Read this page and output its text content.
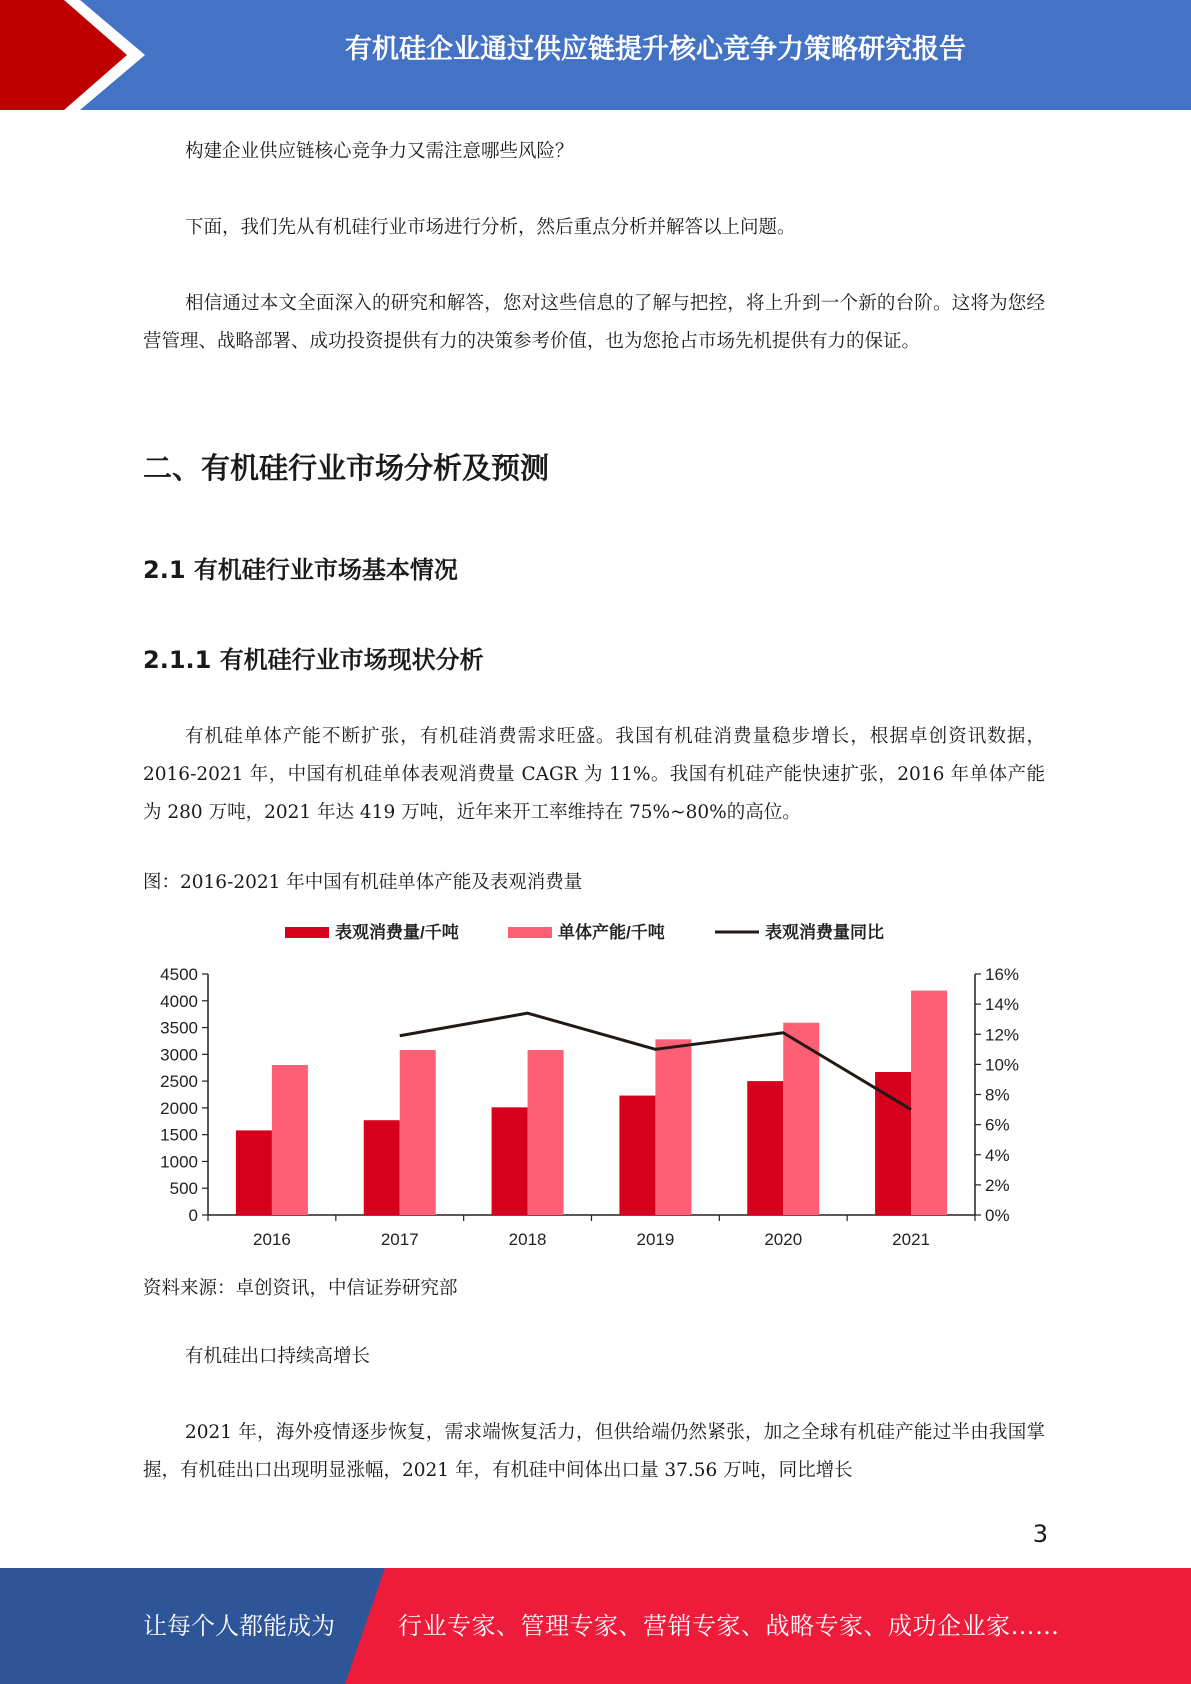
有机硅企业通过供应链提升核心竞争力策略研究报告

构建企业供应链核心竞争力又需注意哪些风险？

下面，我们先从有机硅行业市场进行分析，然后重点分析并解答以上问题。

相信通过本文全面深入的研究和解答，您对这些信息的了解与把控，将上升到一个新的台阶。这将为您经营管理、战略部署、成功投资提供有力的决策参考价值，也为您抢占市场先机提供有力的保证。

二、有机硅行业市场分析及预测
2.1 有机硅行业市场基本情况
2.1.1 有机硅行业市场现状分析

有机硅单体产能不断扩张，有机硅消费需求旺盛。我国有机硅消费量稳步增长，根据卓创资讯数据，2016-2021 年，中国有机硅单体表观消费量 CAGR 为 11%。我国有机硅产能快速扩张，2016 年单体产能为 280 万吨，2021 年达 419 万吨，近年来开工率维持在 75%~80%的高位。

图：2016-2021 年中国有机硅单体产能及表观消费量

表观消费量/千吨	单体产能/千吨	表观消费量同比
0
500
1000
1500
2000
2500
3000
3500
4000
4500
0%
2%
4%
6%
8%
10%
12%
14%
16%
2016	2017	2018	2019	2020	2021

资料来源：卓创资讯，中信证券研究部

有机硅出口持续高增长

2021 年，海外疫情逐步恢复，需求端恢复活力，但供给端仍然紧张，加之全球有机硅产能过半由我国掌握，有机硅出口出现明显涨幅，2021 年，有机硅中间体出口量 37.56 万吨，同比增长

3
让每个人都能成为	行业专家、管理专家、营销专家、战略专家、成功企业家……
